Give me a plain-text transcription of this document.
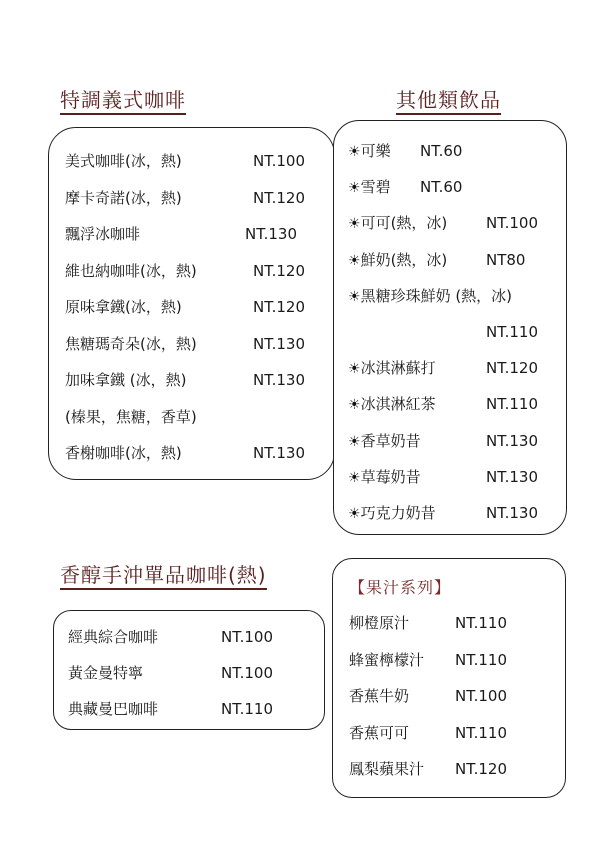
特調義式咖啡	其他類飲品
香醇手沖單品咖啡(熱)
美式咖啡(冰，熱)	NT.100
摩卡奇諾(冰，熱)	NT.120
飄浮冰咖啡	NT.130
維也納咖啡(冰，熱)	NT.120
原味拿鐵(冰，熱)	NT.120
焦糖瑪奇朵(冰，熱)	NT.130
加味拿鐵 (冰，熱)	NT.130
(榛果，焦糖，香草)
香榭咖啡(冰，熱)	NT.130
☀可樂 NT.60
☀雪碧 NT.60
☀可可(熱，冰)	NT.100
☀鮮奶(熱，冰)	NT80
☀黑糖珍珠鮮奶 (熱，冰)
NT.110
☀冰淇淋蘇打	NT.120
☀冰淇淋紅茶	NT.110
☀香草奶昔	NT.130
☀草莓奶昔	NT.130
☀巧克力奶昔	NT.130
經典綜合咖啡	NT.100
黃金曼特寧	NT.100
典藏曼巴咖啡	NT.110
【果汁系列】
柳橙原汁	NT.110
蜂蜜檸檬汁 NT.110
香蕉牛奶	NT.100
香蕉可可	NT.110
鳳梨蘋果汁 NT.120
